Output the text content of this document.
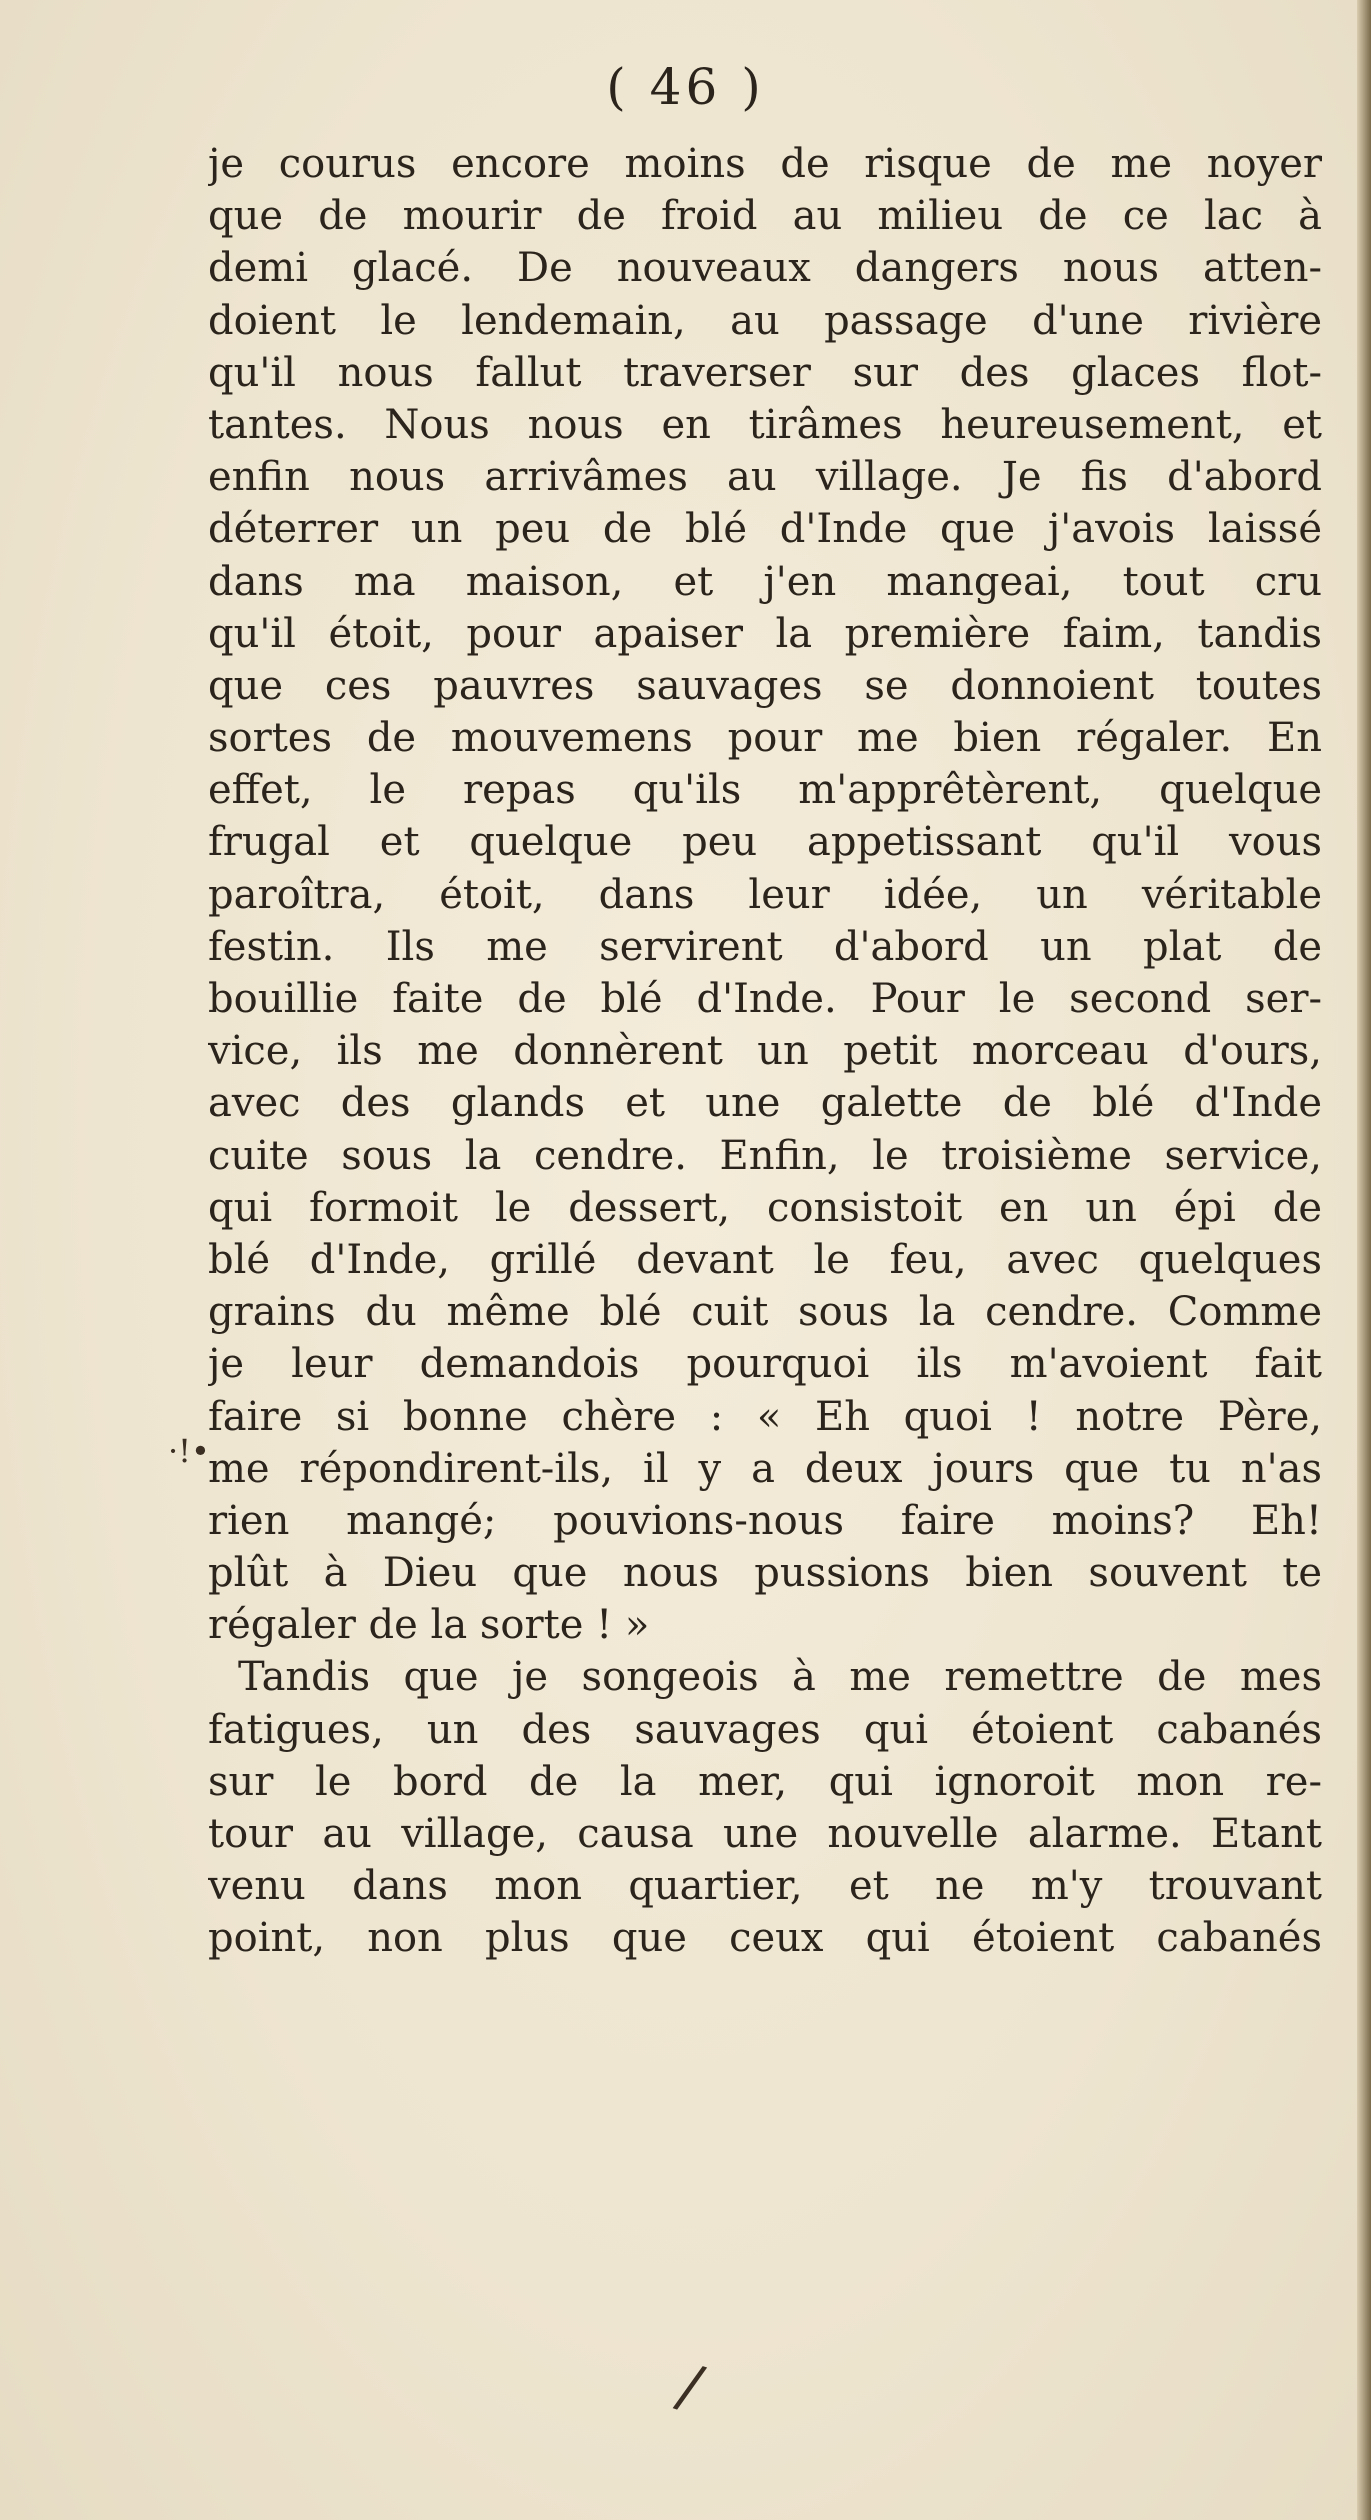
( 46 )
·!•
je courus encore moins de risque de me noyer
que de mourir de froid au milieu de ce lac à
demi glacé. De nouveaux dangers nous atten-
doient le lendemain, au passage d'une rivière
qu'il nous fallut traverser sur des glaces flot-
tantes. Nous nous en tirâmes heureusement, et
enfin nous arrivâmes au village. Je fis d'abord
déterrer un peu de blé d'Inde que j'avois laissé
dans ma maison, et j'en mangeai, tout cru
qu'il étoit, pour apaiser la première faim, tandis
que ces pauvres sauvages se donnoient toutes
sortes de mouvemens pour me bien régaler. En
effet, le repas qu'ils m'apprêtèrent, quelque
frugal et quelque peu appetissant qu'il vous
paroîtra, étoit, dans leur idée, un véritable
festin. Ils me servirent d'abord un plat de
bouillie faite de blé d'Inde. Pour le second ser-
vice, ils me donnèrent un petit morceau d'ours,
avec des glands et une galette de blé d'Inde
cuite sous la cendre. Enfin, le troisième service,
qui formoit le dessert, consistoit en un épi de
blé d'Inde, grillé devant le feu, avec quelques
grains du même blé cuit sous la cendre. Comme
je leur demandois pourquoi ils m'avoient fait
faire si bonne chère : « Eh quoi ! notre Père,
me répondirent-ils, il y a deux jours que tu n'as
rien mangé; pouvions-nous faire moins? Eh!
plût à Dieu que nous pussions bien souvent te
régaler de la sorte ! »
Tandis que je songeois à me remettre de mes
fatigues, un des sauvages qui étoient cabanés
sur le bord de la mer, qui ignoroit mon re-
tour au village, causa une nouvelle alarme. Etant
venu dans mon quartier, et ne m'y trouvant
point, non plus que ceux qui étoient cabanés
/
